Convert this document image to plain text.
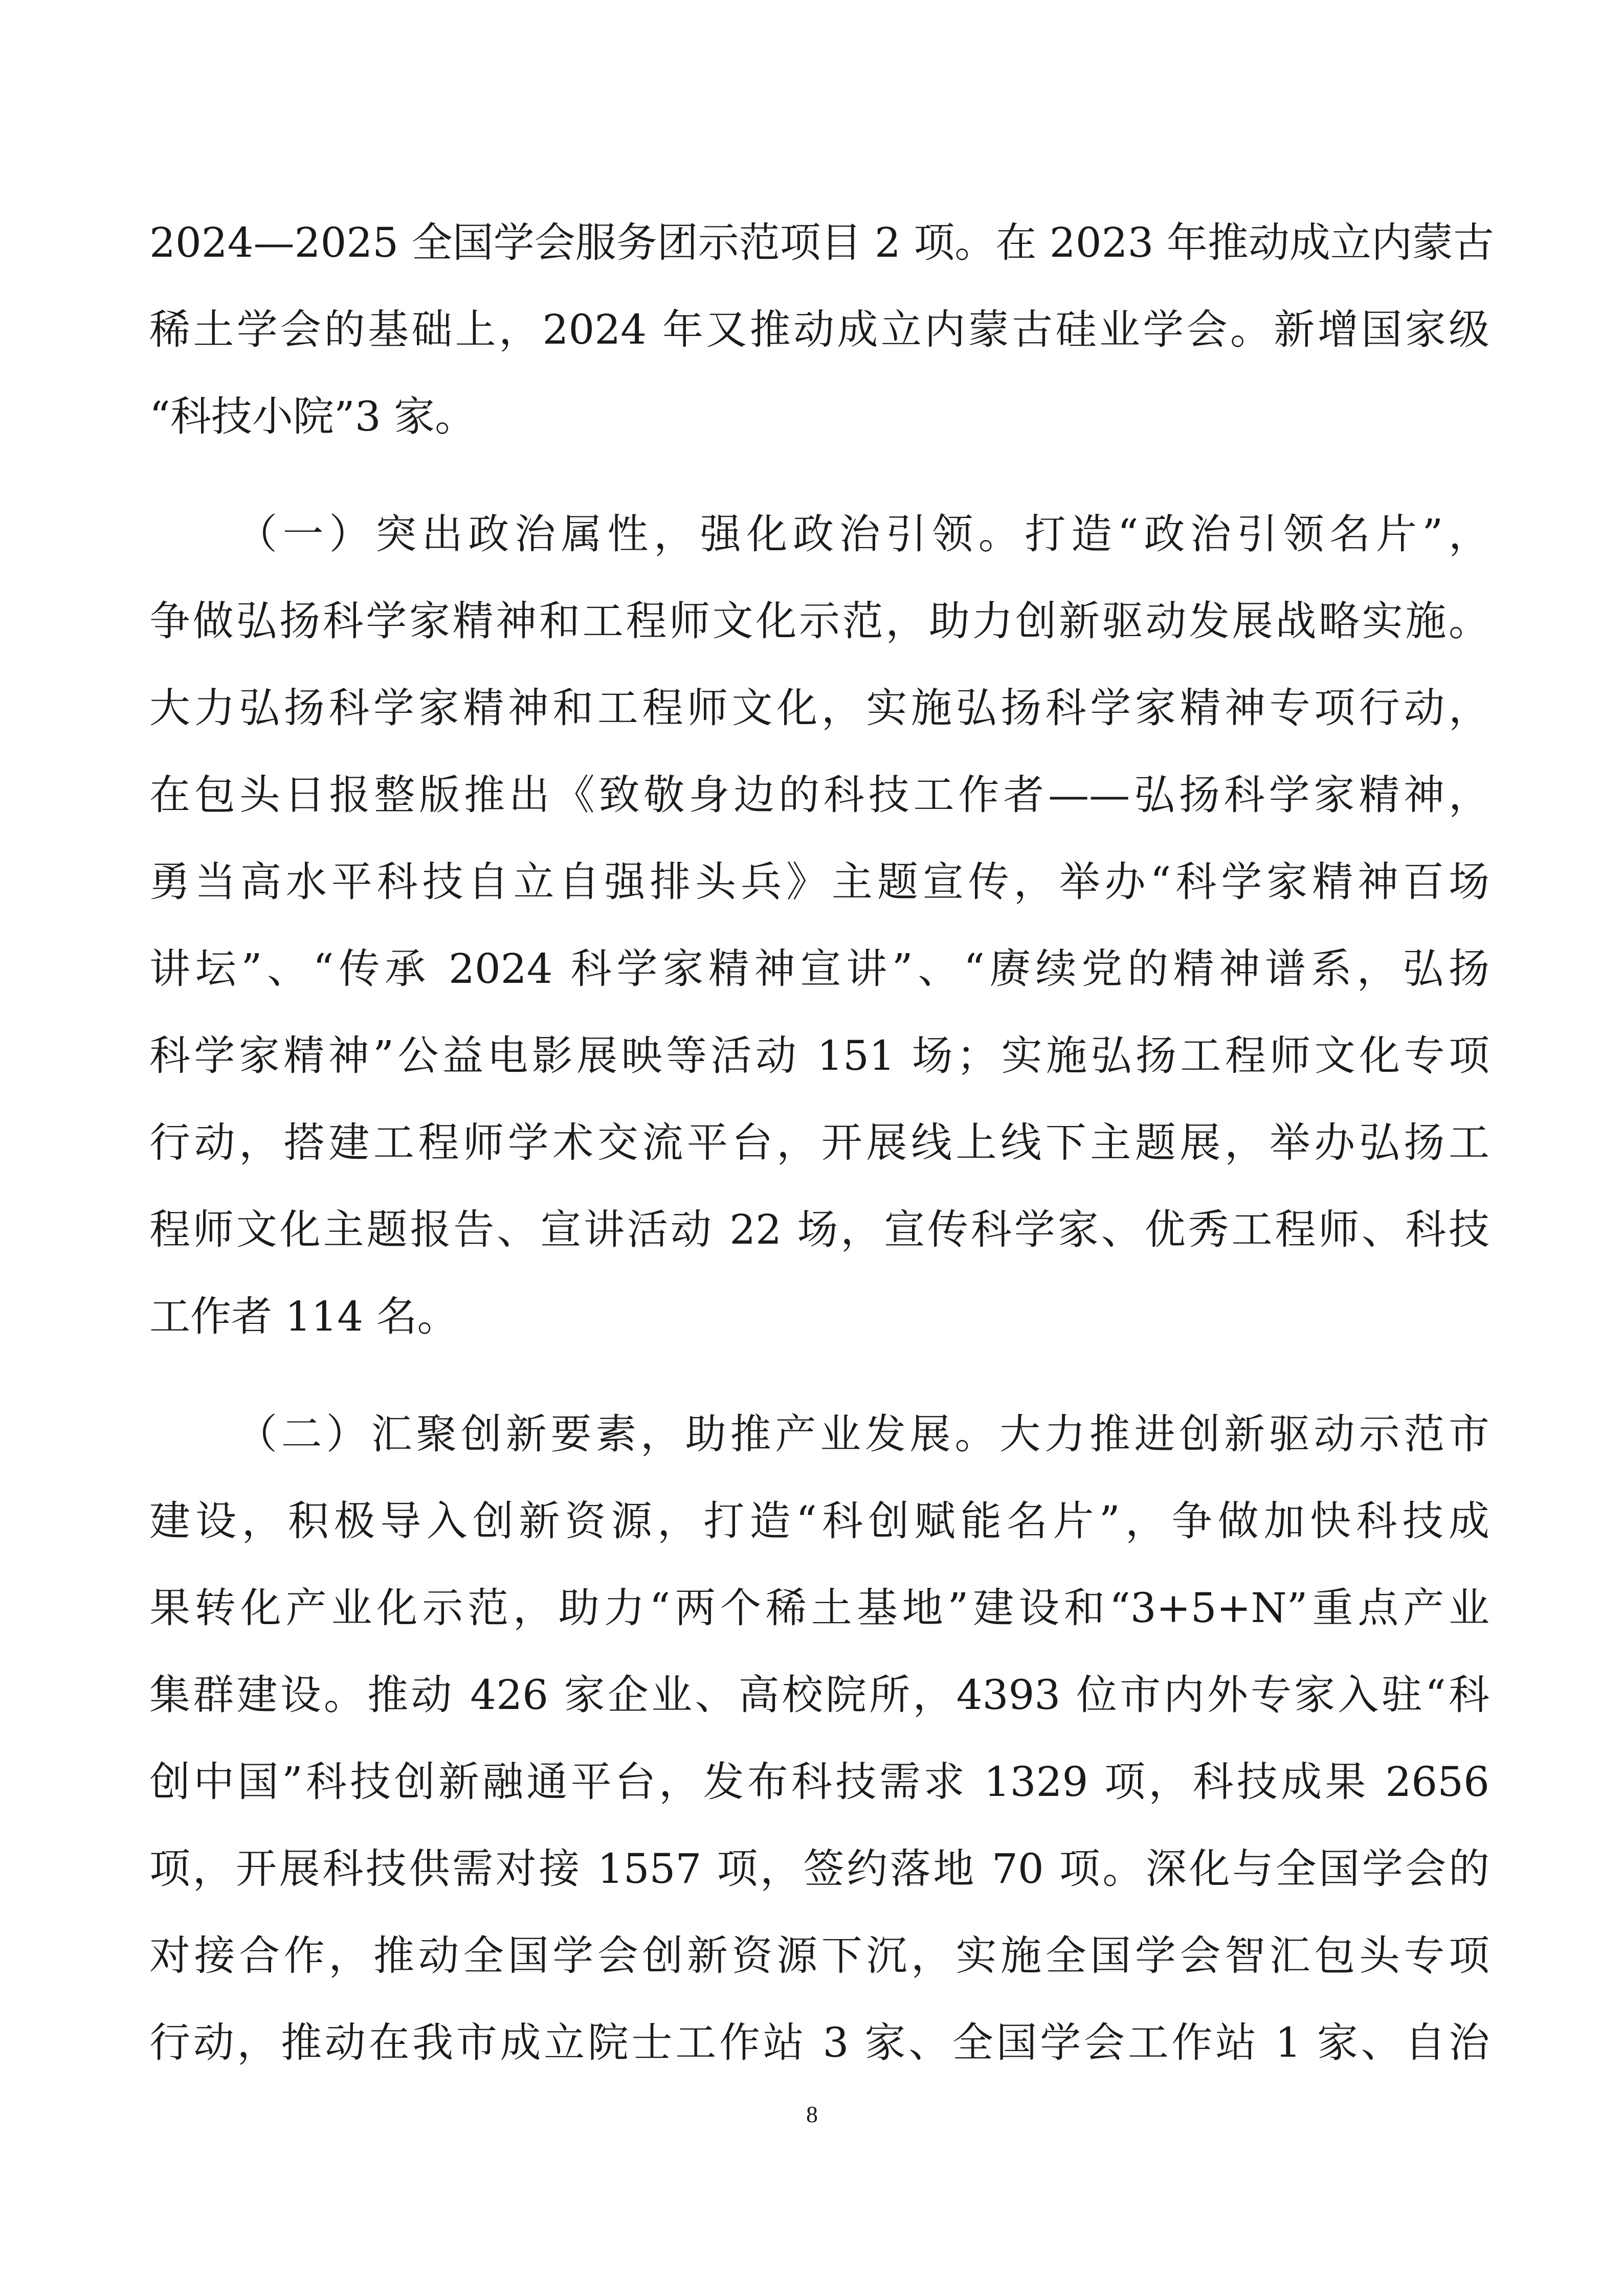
2024—2025 全国学会服务团示范项目 2 项。在 2023 年推动成立内蒙古
稀土学会的基础上，2024 年又推动成立内蒙古硅业学会。新增国家级
“科技小院”3 家。
（一）突出政治属性，强化政治引领。打造“政治引领名片”，
争做弘扬科学家精神和工程师文化示范，助力创新驱动发展战略实施。
大力弘扬科学家精神和工程师文化，实施弘扬科学家精神专项行动，
在包头日报整版推出《致敬身边的科技工作者——弘扬科学家精神，
勇当高水平科技自立自强排头兵》主题宣传，举办“科学家精神百场
讲坛”、“传承 2024 科学家精神宣讲”、“赓续党的精神谱系，弘扬
科学家精神”公益电影展映等活动 151 场；实施弘扬工程师文化专项
行动，搭建工程师学术交流平台，开展线上线下主题展，举办弘扬工
程师文化主题报告、宣讲活动 22 场，宣传科学家、优秀工程师、科技
工作者 114 名。
（二）汇聚创新要素，助推产业发展。大力推进创新驱动示范市
建设，积极导入创新资源，打造“科创赋能名片”，争做加快科技成
果转化产业化示范，助力“两个稀土基地”建设和“3+5+N”重点产业
集群建设。推动 426 家企业、高校院所，4393 位市内外专家入驻“科
创中国”科技创新融通平台，发布科技需求 1329 项，科技成果 2656
项，开展科技供需对接 1557 项，签约落地 70 项。深化与全国学会的
对接合作，推动全国学会创新资源下沉，实施全国学会智汇包头专项
行动，推动在我市成立院士工作站 3 家、全国学会工作站 1 家、自治
8
